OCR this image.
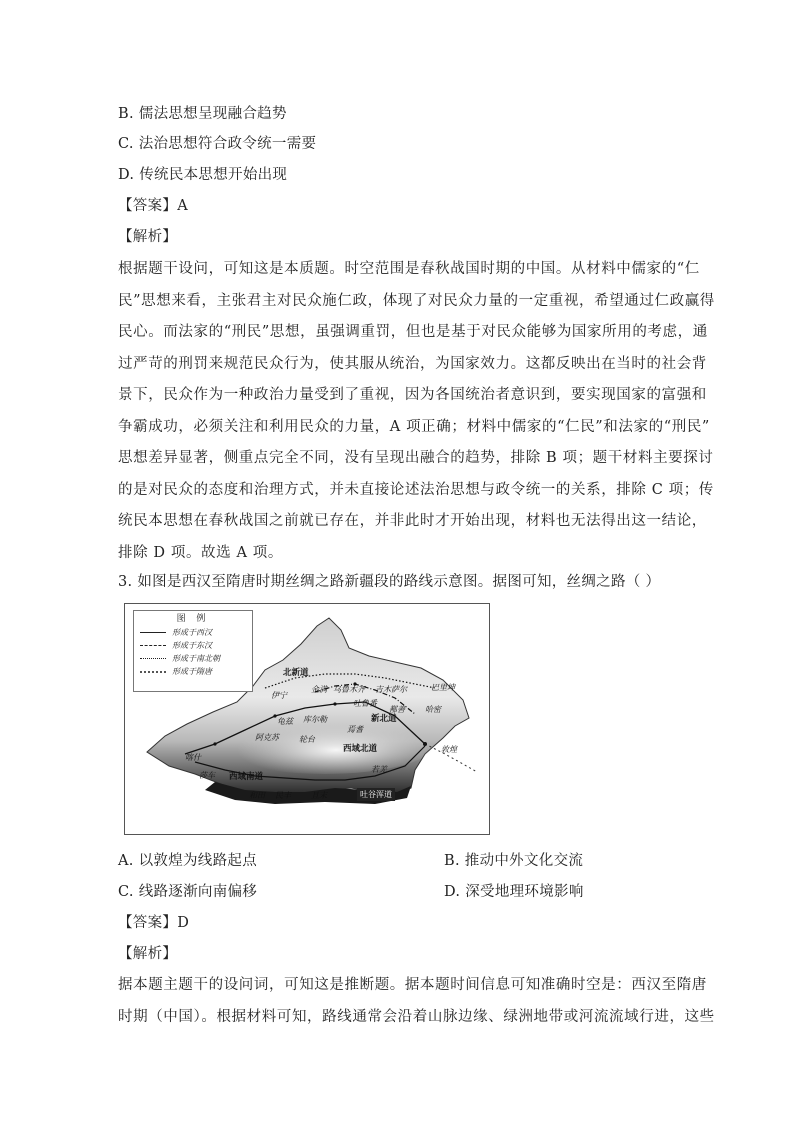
B. 儒法思想呈现融合趋势
C. 法治思想符合政令统一需要
D. 传统民本思想开始出现
【答案】A
【解析】
根据题干设问，可知这是本质题。时空范围是春秋战国时期的中国。从材料中儒家的“仁
民”思想来看，主张君主对民众施仁政，体现了对民众力量的一定重视，希望通过仁政赢得
民心。而法家的“刑民”思想，虽强调重罚，但也是基于对民众能够为国家所用的考虑，通
过严苛的刑罚来规范民众行为，使其服从统治，为国家效力。这都反映出在当时的社会背
景下，民众作为一种政治力量受到了重视，因为各国统治者意识到，要实现国家的富强和
争霸成功，必须关注和利用民众的力量，A 项正确；材料中儒家的“仁民”和法家的“刑民”
思想差异显著，侧重点完全不同，没有呈现出融合的趋势，排除 B 项；题干材料主要探讨
的是对民众的态度和治理方式，并未直接论述法治思想与政令统一的关系，排除 C 项；传
统民本思想在春秋战国之前就已存在，并非此时才开始出现，材料也无法得出这一结论，
排除 D 项。故选 A 项。
3. 如图是西汉至隋唐时期丝绸之路新疆段的路线示意图。据图可知，丝绸之路（ ）
图 例
形成于西汉
形成于东汉
形成于南北朝
形成于隋唐	北新道
金满 乌鲁木齐 吉木萨尔	巴里坤
伊宁
吐鲁番
鄯善	哈密
新北道
龟兹 库尔勒
焉耆
阿克苏	轮台
西域北道	敦煌
喀什
莎车 西域南道
若羌
和田 民丰	且末
于阗
吐谷浑道
A. 以敦煌为线路起点	B. 推动中外文化交流
C. 线路逐渐向南偏移	D. 深受地理环境影响
【答案】D
【解析】
据本题主题干的设问词，可知这是推断题。据本题时间信息可知准确时空是：西汉至隋唐
时期（中国）。根据材料可知，路线通常会沿着山脉边缘、绿洲地带或河流流域行进，这些
